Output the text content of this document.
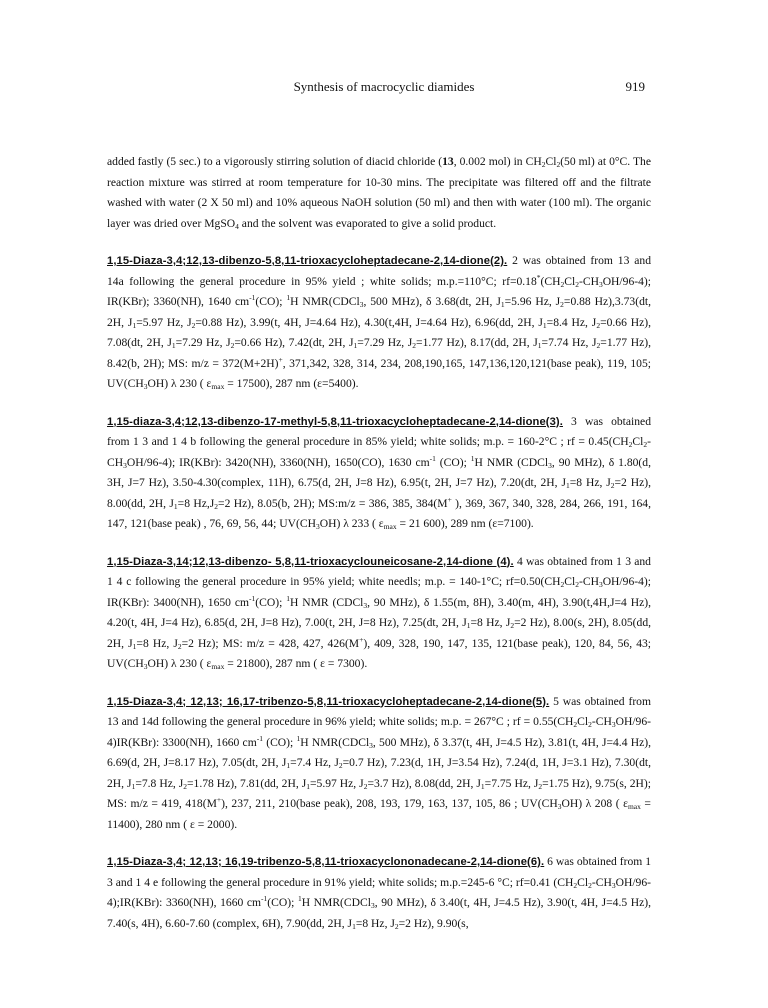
Synthesis of macrocyclic diamides	919

added fastly (5 sec.) to a vigorously stirring solution of diacid chloride (13, 0.002 mol) in $CH_2Cl_2(50$ ml) at 0°C. The reaction mixture was stirred at room temperature for 10-30 mins. The precipitate was filtered off and the filtrate washed with water (2 X 50 ml) and 10% aqueous NaOH solution (50 ml) and then with water (100 ml). The organic layer was dried over MgSO$_4$ and the solvent was evaporated to give a solid product.

1,15-Diaza-3,4;12,13-dibenzo-5,8,11-trioxacycloheptadecane-2,14-dione(2). 2 was obtained from 13 and 14a following the general procedure in 95% yield ; white solids; m.p.=110°C; $rf=0.18^*(CH_2Cl_2-CH_3OH/96-4)$; IR(KBr); 3360(NH), 1640 $cm^{-1}(CO)$; $^1$H NMR(CDCl$_3$, 500 MHz), δ 3.68(dt, 2H, $J_1=5.96$ Hz, $J_2=0.88$ Hz),3.73(dt, 2H, $J_1=5.97$ Hz, $J_2=0.88$ Hz), 3.99(t, 4H, J=4.64 Hz), 4.30(t,4H, J=4.64 Hz), 6.96(dd, 2H, $J_1=8.4$ Hz, $J_2=0.66$ Hz), 7.08(dt, 2H, $J_1=7.29$ Hz, $J_2=0.66$ Hz), 7.42(dt, 2H, $J_1=7.29$ Hz, $J_2=1.77$ Hz), 8.17(dd, 2H, $J_1=7.74$ Hz, $J_2=1.77$ Hz), 8.42(b, 2H); MS: m/z = 372(M+2H)+, 371,342, 328, 314, 234, 208,190,165, 147,136,120,121(base peak), 119, 105; $UV(CH_3OH)$ λ 230 ( $\varepsilon_{max} = 17500$), 287 nm (ε=5400).

1,15-diaza-3,4;12,13-dibenzo-17-methyl-5,8,11-trioxacycloheptadecane-2,14-dione(3). 3 was obtained from 1 3 and 1 4 b following the general procedure in 85% yield; white solids; m.p. = 160-2°C ; rf = $0.45(CH_2Cl_2-CH_3OH/96-4)$; IR(KBr): 3420(NH), 3360(NH), 1650(CO), 1630 $cm^{-1}$ (CO); $^1$H NMR (CDCl$_3$, 90 MHz), δ 1.80(d, 3H, J=7 Hz), 3.50-4.30(complex, 11H), 6.75(d, 2H, J=8 Hz), 6.95(t, 2H, J=7 Hz), 7.20(dt, 2H, $J_1=8$ Hz, $J_2=2$ Hz), 8.00(dd, 2H, $J_1=8$ $Hz,J_2=2$ Hz), 8.05(b, 2H); MS:m/z = 386, 385, 384(M+ ), 369, 367, 340, 328, 284, 266, 191, 164, 147, 121(base peak) , 76, 69, 56, 44; $UV(CH_3OH)$ λ 233 ( $\varepsilon_{max} = 21$ 600), 289 nm (ε=7100).

1,15-Diaza-3,14;12,13-dibenzo- 5,8,11-trioxacyclouneicosane-2,14-dione (4). 4 was obtained from 1 3 and 1 4 c following the general procedure in 95% yield; white needls; m.p. = 140-1°C; $rf=0.50(CH_2Cl_2-CH_3OH/96-4)$; IR(KBr): 3400(NH), 1650 $cm^{-1}(CO)$; $^1$H NMR (CDCl$_3$, 90 MHz), δ 1.55(m, 8H), 3.40(m, 4H), 3.90(t,4H,J=4 Hz), 4.20(t, 4H, J=4 Hz), 6.85(d, 2H, J=8 Hz), 7.00(t, 2H, J=8 Hz), 7.25(dt, 2H, $J_1=8$ Hz, $J_2=2$ Hz), 8.00(s, 2H), 8.05(dd, 2H, $J_1=8$ Hz, $J_2=2$ Hz); MS: m/z = 428, 427, 426(M+), 409, 328, 190, 147, 135, 121(base peak), 120, 84, 56, 43; $UV(CH_3OH)$ λ 230 ( $\varepsilon_{max} = 21800$), 287 nm ( ε = 7300).

1,15-Diaza-3,4; 12,13; 16,17-tribenzo-5,8,11-trioxacycloheptadecane-2,14-dione(5). 5 was obtained from 13 and 14d following the general procedure in 96% yield; white solids; m.p. = 267°C ; rf = $0.55(CH_2Cl_2-CH_3OH/96-4)IR(KBr)$: 3300(NH), 1660 $cm^{-1}$ (CO); $^1$H NMR(CDCl$_3$, 500 MHz), δ 3.37(t, 4H, J=4.5 Hz), 3.81(t, 4H, J=4.4 Hz), 6.69(d, 2H, J=8.17 Hz), 7.05(dt, 2H, $J_1=7.4$ Hz, $J_2=0.7$ Hz), 7.23(d, 1H, J=3.54 Hz), 7.24(d, 1H, J=3.1 Hz), 7.30(dt, 2H, $J_1=7.8$ Hz, $J_2=1.78$ Hz), 7.81(dd, 2H, $J_1=5.97$ Hz, $J_2=3.7$ Hz), 8.08(dd, 2H, $J_1=7.75$ Hz, $J_2=1.75$ Hz), 9.75(s, 2H); MS: m/z = 419, 418(M+), 237, 211, 210(base peak), 208, 193, 179, 163, 137, 105, 86 ; $UV(CH_3OH)$ λ 208 ( $\varepsilon_{max} = 11400$), 280 nm ( ε = 2000).

1,15-Diaza-3,4; 12,13; 16,19-tribenzo-5,8,11-trioxacyclononadecane-2,14-dione(6). 6 was obtained from 1 3 and 1 4 e following the general procedure in 91% yield; white solids; m.p.=245-6 °C; rf=0.41 $(CH_2Cl_2-CH_3OH/96-4);IR(KBr)$: 3360(NH), 1660 $cm^{-1}(CO)$; $^1$H NMR(CDCl$_3$, 90 MHz), δ 3.40(t, 4H, J=4.5 Hz), 3.90(t, 4H, J=4.5 Hz), 7.40(s, 4H), 6.60-7.60 (complex, 6H), 7.90(dd, 2H, $J_1=8$ Hz, $J_2=2$ Hz), 9.90(s,
